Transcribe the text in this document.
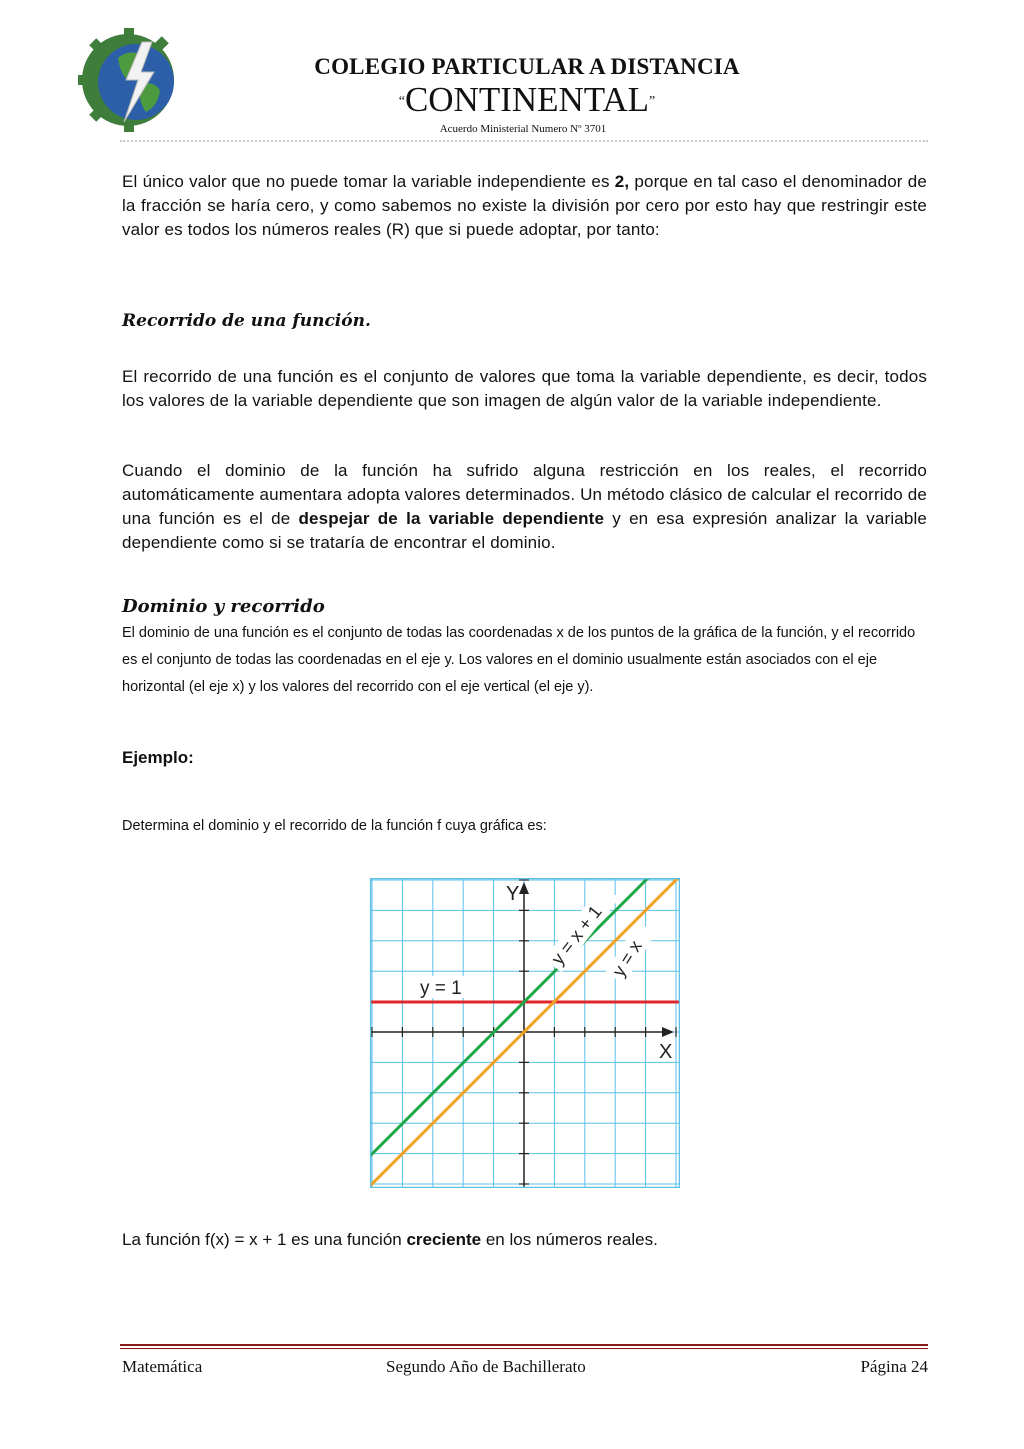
COLEGIO PARTICULAR A DISTANCIA
“CONTINENTAL”
Acuerdo Ministerial Numero Nº 3701
El único valor que no puede tomar la variable independiente es 2, porque en tal caso el denominador de la fracción se haría cero, y como sabemos no existe la división por cero por esto hay que restringir este valor es todos los números reales (R) que si puede adoptar, por tanto:
Recorrido de una función.
El recorrido de una función es el conjunto de valores que toma la variable dependiente, es decir, todos los valores de la variable dependiente que son imagen de algún valor de la variable independiente.
Cuando el dominio de la función ha sufrido alguna restricción en los reales, el recorrido automáticamente aumentara adopta valores determinados. Un método clásico de calcular el recorrido de una función es el de despejar de la variable dependiente y en esa expresión analizar la variable dependiente como si se trataría de encontrar el dominio.
Dominio y recorrido
El dominio de una función es el conjunto de todas las coordenadas x de los puntos de la gráfica de la función, y el recorrido es el conjunto de todas las coordenadas en el eje y. Los valores en el dominio usualmente están asociados con el eje horizontal (el eje x) y los valores del recorrido con el eje vertical (el eje y).
Ejemplo:
Determina el dominio y el recorrido de la función f cuya gráfica es:
Y
X
y = 1
y = x + 1 y = x
La función f(x) = x + 1 es una función creciente en los números reales.
Matemática	Segundo Año de Bachillerato	Página 24
